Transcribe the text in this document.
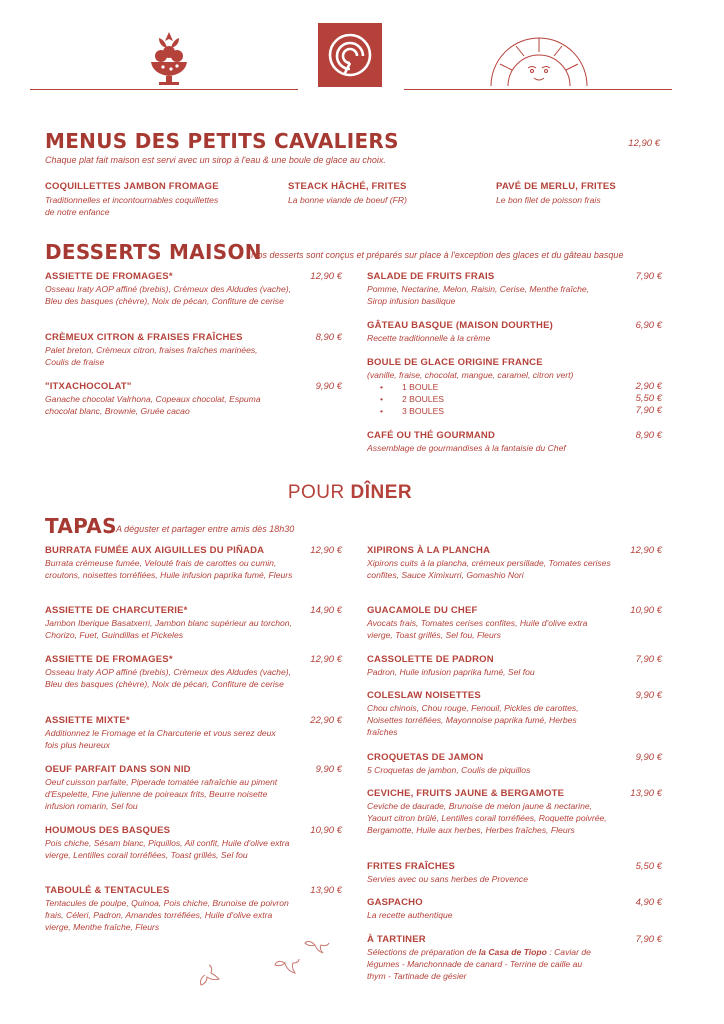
MENUS DES PETITS CAVALIERS	12,90 €
Chaque plat fait maison est servi avec un sirop à l'eau & une boule de glace au choix.
COQUILLETTES JAMBON FROMAGE
Traditionnelles et incontournables coquillettes de notre enfance
STEACK HÂCHÉ, FRITES
La bonne viande de boeuf (FR)
PAVÉ DE MERLU, FRITES
Le bon filet de poisson frais
DESSERTS MAISON
Nos desserts sont conçus et préparés sur place à l'exception des glaces et du gâteau basque
ASSIETTE DE FROMAGES*
Osseau Iraty AOP affiné (brebis), Crèmeux des Aldudes (vache), Bleu des basques (chèvre), Noix de pécan, Confiture de cerise
12,90 €
CRÈMEUX CITRON & FRAISES FRAÎCHES
Palet breton, Crèmeux citron, fraises fraîches marinées, Coulis de fraise
8,90 €
"ITXACHOCOLAT"
Ganache chocolat Valrhona, Copeaux chocolat, Espuma chocolat blanc, Brownie, Gruée cacao
9,90 €
SALADE DE FRUITS FRAIS
Pomme, Nectarine, Melon, Raisin, Cerise, Menthe fraîche, Sirop infusion basilique
7,90 €
GÂTEAU BASQUE (MAISON DOURTHE)
Recette traditionnelle à la crème
6,90 €
BOULE DE GLACE ORIGINE FRANCE
(vanille, fraise, chocolat, mangue, caramel, citron vert)
• 1 BOULE	2,90 €
• 2 BOULES	5,50 €
• 3 BOULES	7,90 €
CAFÉ OU THÉ GOURMAND
Assemblage de gourmandises à la fantaisie du Chef
8,90 €
POUR DÎNER
TAPAS A déguster et partager entre amis dès 18h30
BURRATA FUMÉE AUX AIGUILLES DU PIÑADA
Burrata crémeuse fumée, Velouté frais de carottes ou cumin, croutons, noisettes torréfiées, Huile infusion paprika fumé, Fleurs
12,90 €
ASSIETTE DE CHARCUTERIE*
Jambon Iberique Basatxerri, Jambon blanc supérieur au torchon, Chorizo, Fuet, Guindillas et Pickeles
14,90 €
ASSIETTE DE FROMAGES*
Osseau Iraty AOP affiné (brebis), Crèmeux des Aldudes (vache), Bleu des basques (chèvre), Noix de pécan, Confiture de cerise
12,90 €
ASSIETTE MIXTE*
Additionnez le Fromage et la Charcuterie et vous serez deux fois plus heureux
22,90 €
OEUF PARFAIT DANS SON NID
Oeuf cuisson parfaite, Piperade tomatée rafraîchie au piment d'Espelette, Fine julienne de poireaux frits, Beurre noisette infusion romarin, Sel fou
9,90 €
HOUMOUS DES BASQUES
Pois chiche, Sésam blanc, Piquillos, Ail confit, Huile d'olive extra vierge, Lentilles corail torréfiées, Toast grillés, Sel fou
10,90 €
TABOULÉ & TENTACULES
Tentacules de poulpe, Quinoa, Pois chiche, Brunoise de poivron frais, Céleri, Padron, Amandes torréfiées, Huile d'olive extra vierge, Menthe fraîche, Fleurs
13,90 €
XIPIRONS À LA PLANCHA
Xipirons cuits à la plancha, crémeux persillade, Tomates cerises confites, Sauce Ximixurri, Gomashio Nori
12,90 €
GUACAMOLE DU CHEF
Avocats frais, Tomates cerises confites, Huile d'olive extra vierge, Toast grillés, Sel fou, Fleurs
10,90 €
CASSOLETTE DE PADRON
Padron, Huile infusion paprika fumé, Sel fou
7,90 €
COLESLAW NOISETTES
Chou chinois, Chou rouge, Fenouil, Pickles de carottes, Noisettes torréfiées, Mayonnoise paprika fumé, Herbes fraîches
9,90 €
CROQUETAS DE JAMON
5 Croquetas de jambon, Coulis de piquillos
9,90 €
CEVICHE, FRUITS JAUNE & BERGAMOTE
Ceviche de daurade, Brunoise de melon jaune & nectarine, Yaourt citron brûlé, Lentilles corail torréfiées, Roquette poivrée, Bergamotte, Huile aux herbes, Herbes fraîches, Fleurs
13,90 €
FRITES FRAÎCHES
Servies avec ou sans herbes de Provence
5,50 €
GASPACHO
La recette authentique
4,90 €
À TARTINER
Sélections de préparation de la Casa de Tiopo : Caviar de légumes - Manchonnade de canard - Terrine de caille au thym - Tartinade de gésier
7,90 €
